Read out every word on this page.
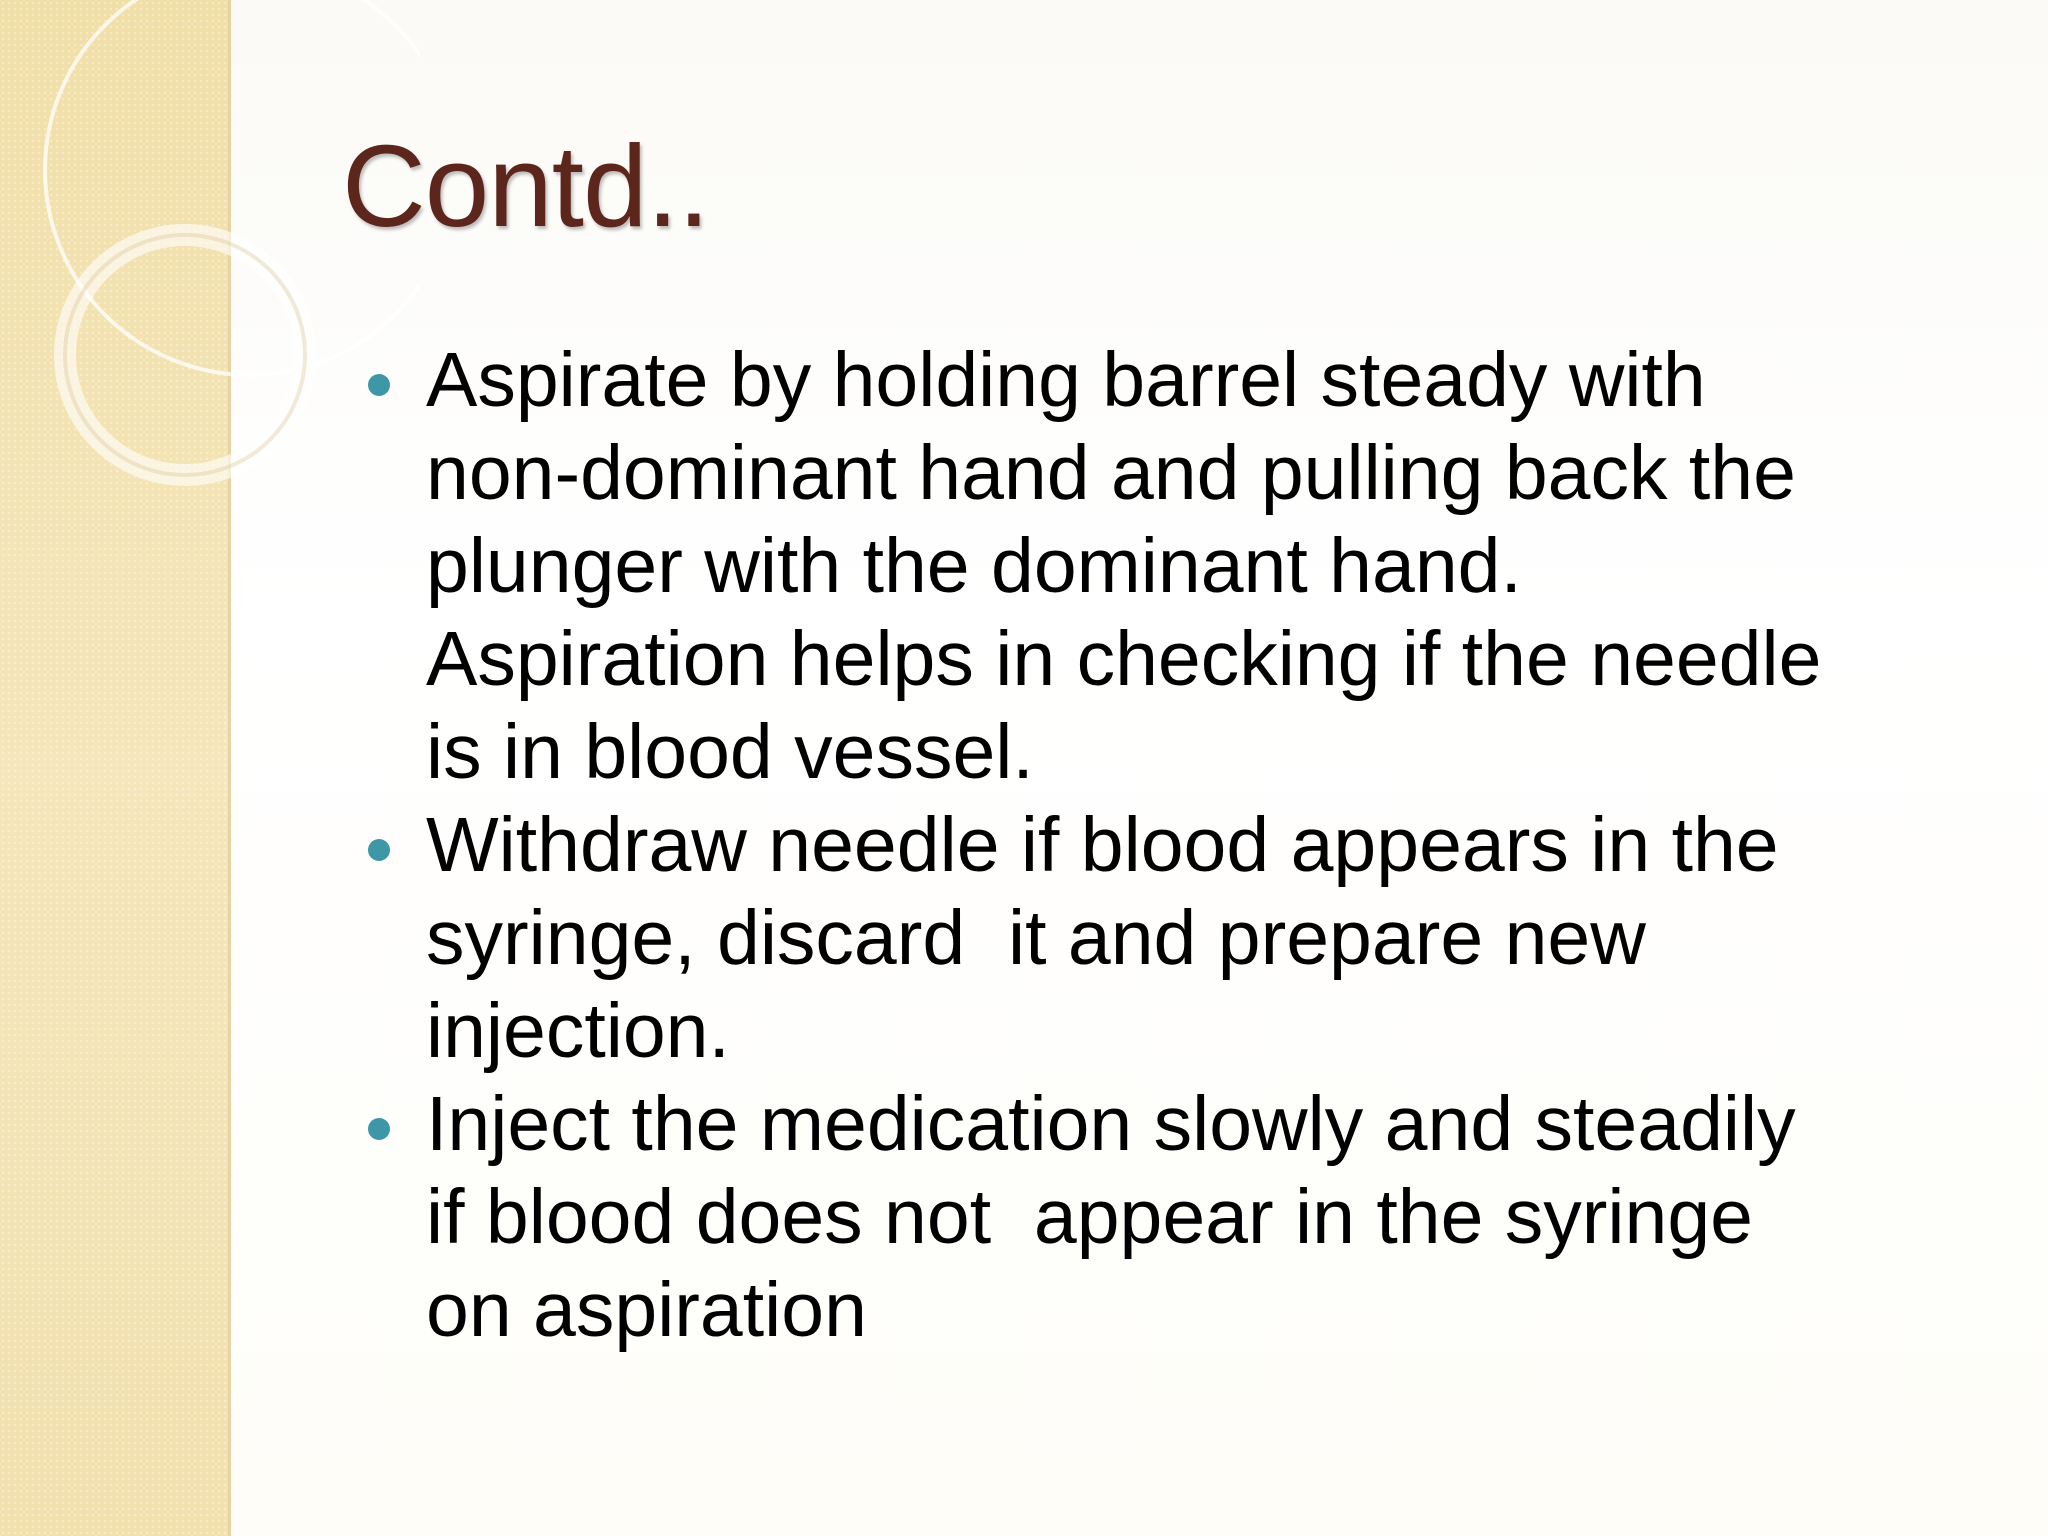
Contd..
Aspirate by holding barrel steady with
non-dominant hand and pulling back the
plunger with the dominant hand.
Aspiration helps in checking if the needle
is in blood vessel.
Withdraw needle if blood appears in the
syringe, discard  it and prepare new
injection.
Inject the medication slowly and steadily
if blood does not  appear in the syringe
on aspiration
